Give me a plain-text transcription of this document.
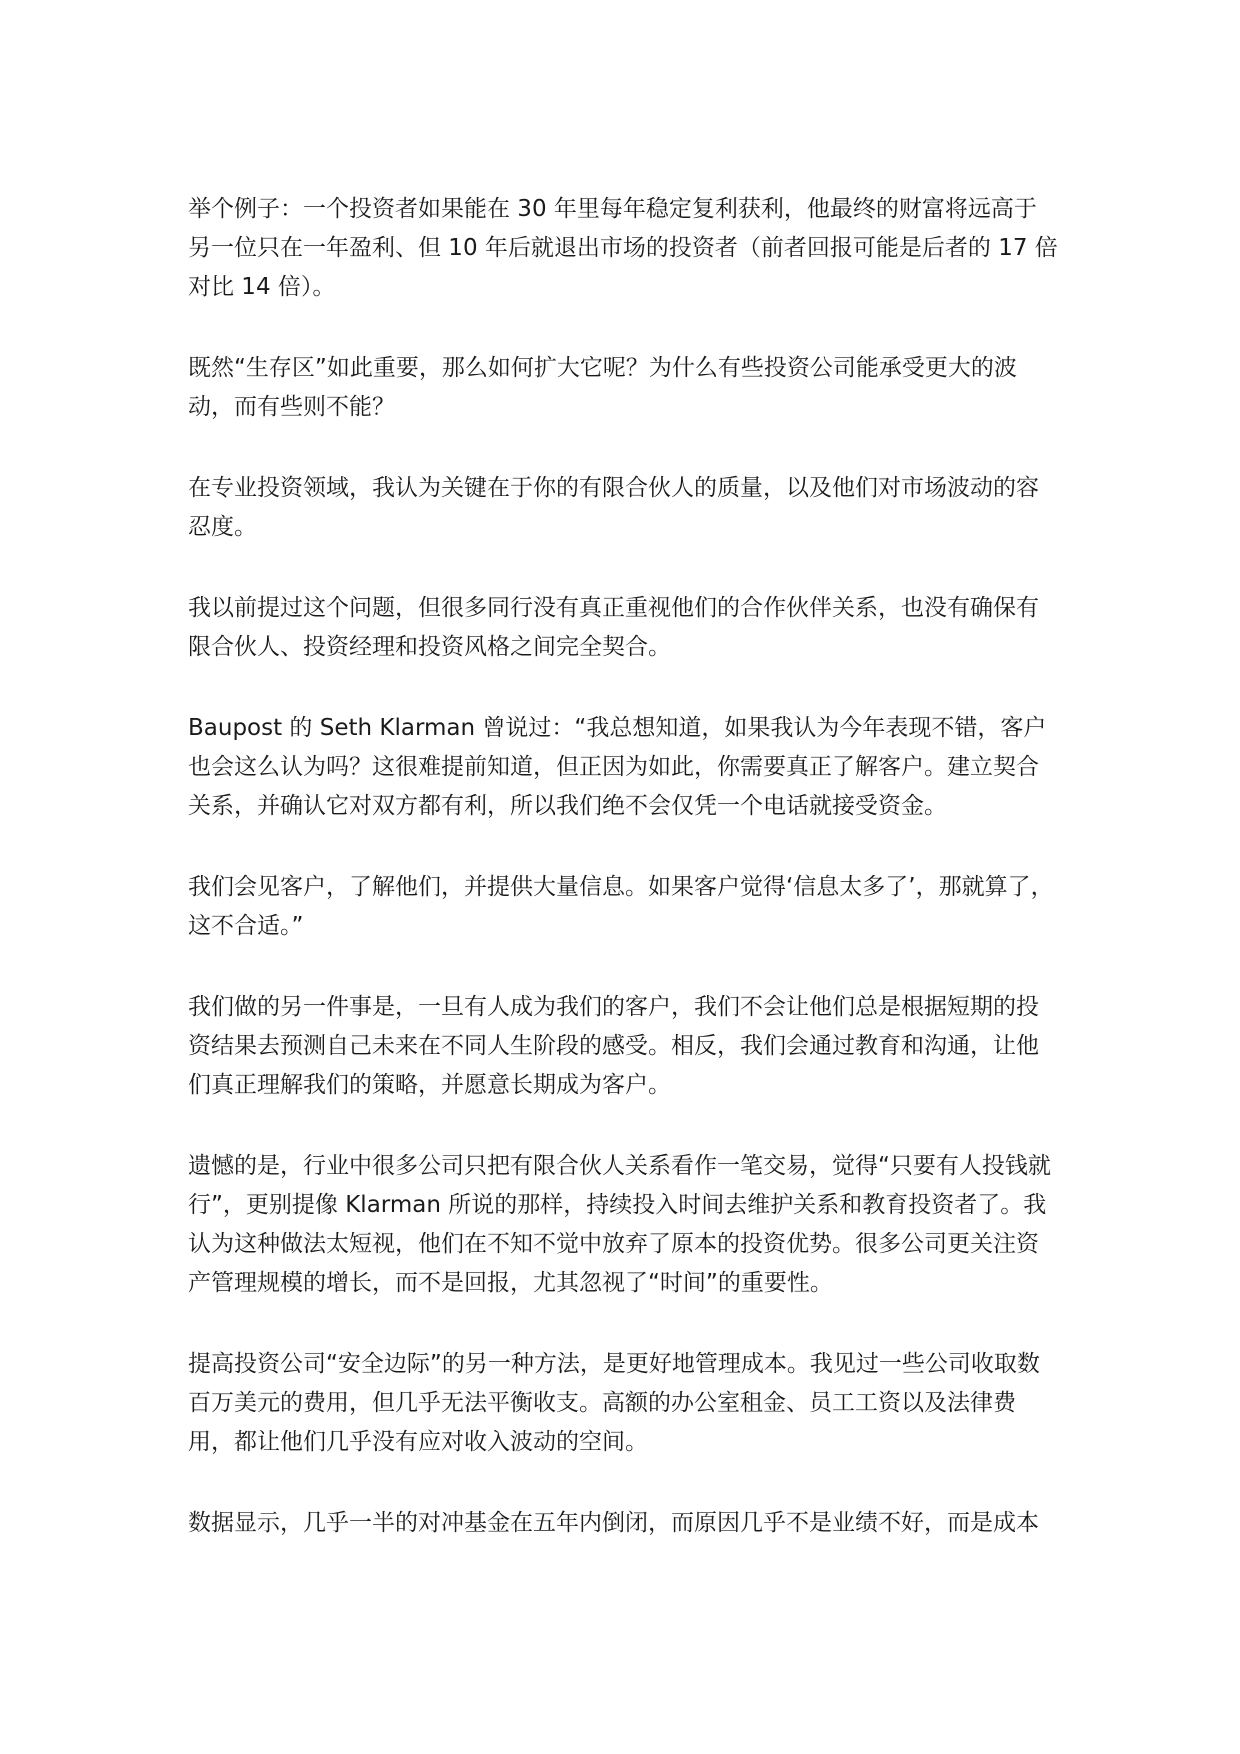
举个例子：一个投资者如果能在 30 年里每年稳定复利获利，他最终的财富将远高于另一位只在一年盈利、但 10 年后就退出市场的投资者（前者回报可能是后者的 17 倍对比 14 倍）。

既然“生存区”如此重要，那么如何扩大它呢？为什么有些投资公司能承受更大的波动，而有些则不能？

在专业投资领域，我认为关键在于你的有限合伙人的质量，以及他们对市场波动的容忍度。

我以前提过这个问题，但很多同行没有真正重视他们的合作伙伴关系，也没有确保有限合伙人、投资经理和投资风格之间完全契合。

Baupost 的 Seth Klarman 曾说过：“我总想知道，如果我认为今年表现不错，客户也会这么认为吗？这很难提前知道，但正因为如此，你需要真正了解客户。建立契合关系，并确认它对双方都有利，所以我们绝不会仅凭一个电话就接受资金。

我们会见客户，了解他们，并提供大量信息。如果客户觉得‘信息太多了’，那就算了，这不合适。”

我们做的另一件事是，一旦有人成为我们的客户，我们不会让他们总是根据短期的投资结果去预测自己未来在不同人生阶段的感受。相反，我们会通过教育和沟通，让他们真正理解我们的策略，并愿意长期成为客户。

遗憾的是，行业中很多公司只把有限合伙人关系看作一笔交易，觉得“只要有人投钱就行”，更别提像 Klarman 所说的那样，持续投入时间去维护关系和教育投资者了。我认为这种做法太短视，他们在不知不觉中放弃了原本的投资优势。很多公司更关注资产管理规模的增长，而不是回报，尤其忽视了“时间”的重要性。

提高投资公司“安全边际”的另一种方法，是更好地管理成本。我见过一些公司收取数百万美元的费用，但几乎无法平衡收支。高额的办公室租金、员工工资以及法律费用，都让他们几乎没有应对收入波动的空间。

数据显示，几乎一半的对冲基金在五年内倒闭，而原因几乎不是业绩不好，而是成本
